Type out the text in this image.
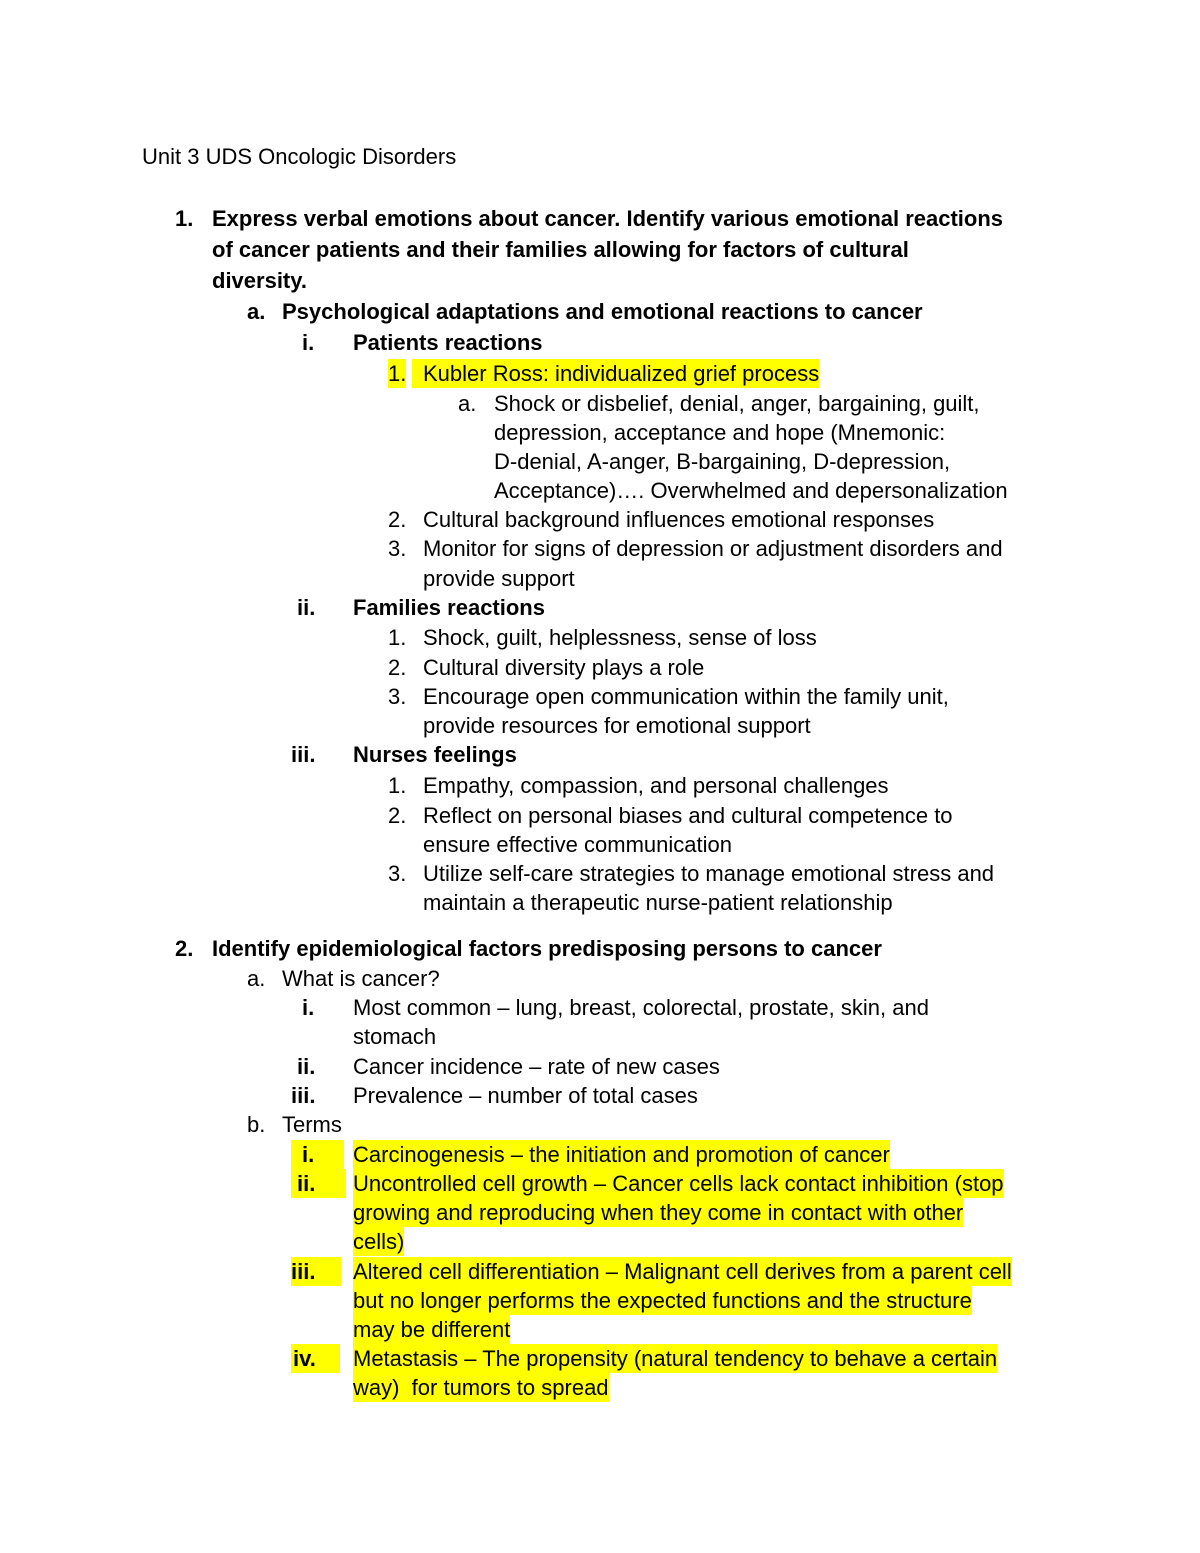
Unit 3 UDS Oncologic Disorders
1. Express verbal emotions about cancer. Identify various emotional reactions
of cancer patients and their families allowing for factors of cultural
diversity.
a. Psychological adaptations and emotional reactions to cancer
i. Patients reactions
1. Kubler Ross: individualized grief process
a. Shock or disbelief, denial, anger, bargaining, guilt,
depression, acceptance and hope (Mnemonic:
D-denial, A-anger, B-bargaining, D-depression,
Acceptance)…. Overwhelmed and depersonalization
2. Cultural background influences emotional responses
3. Monitor for signs of depression or adjustment disorders and
provide support
ii. Families reactions
1. Shock, guilt, helplessness, sense of loss
2. Cultural diversity plays a role
3. Encourage open communication within the family unit,
provide resources for emotional support
iii. Nurses feelings
1. Empathy, compassion, and personal challenges
2. Reflect on personal biases and cultural competence to
ensure effective communication
3. Utilize self-care strategies to manage emotional stress and
maintain a therapeutic nurse-patient relationship
2. Identify epidemiological factors predisposing persons to cancer
a. What is cancer?
i. Most common – lung, breast, colorectal, prostate, skin, and
stomach
ii. Cancer incidence – rate of new cases
iii. Prevalence – number of total cases
b. Terms
i.	Carcinogenesis – the initiation and promotion of cancer
ii.	Uncontrolled cell growth – Cancer cells lack contact inhibition (stop
growing and reproducing when they come in contact with other
cells)
iii.	Altered cell differentiation – Malignant cell derives from a parent cell
but no longer performs the expected functions and the structure
may be different
iv.	Metastasis – The propensity (natural tendency to behave a certain
way)  for tumors to spread
